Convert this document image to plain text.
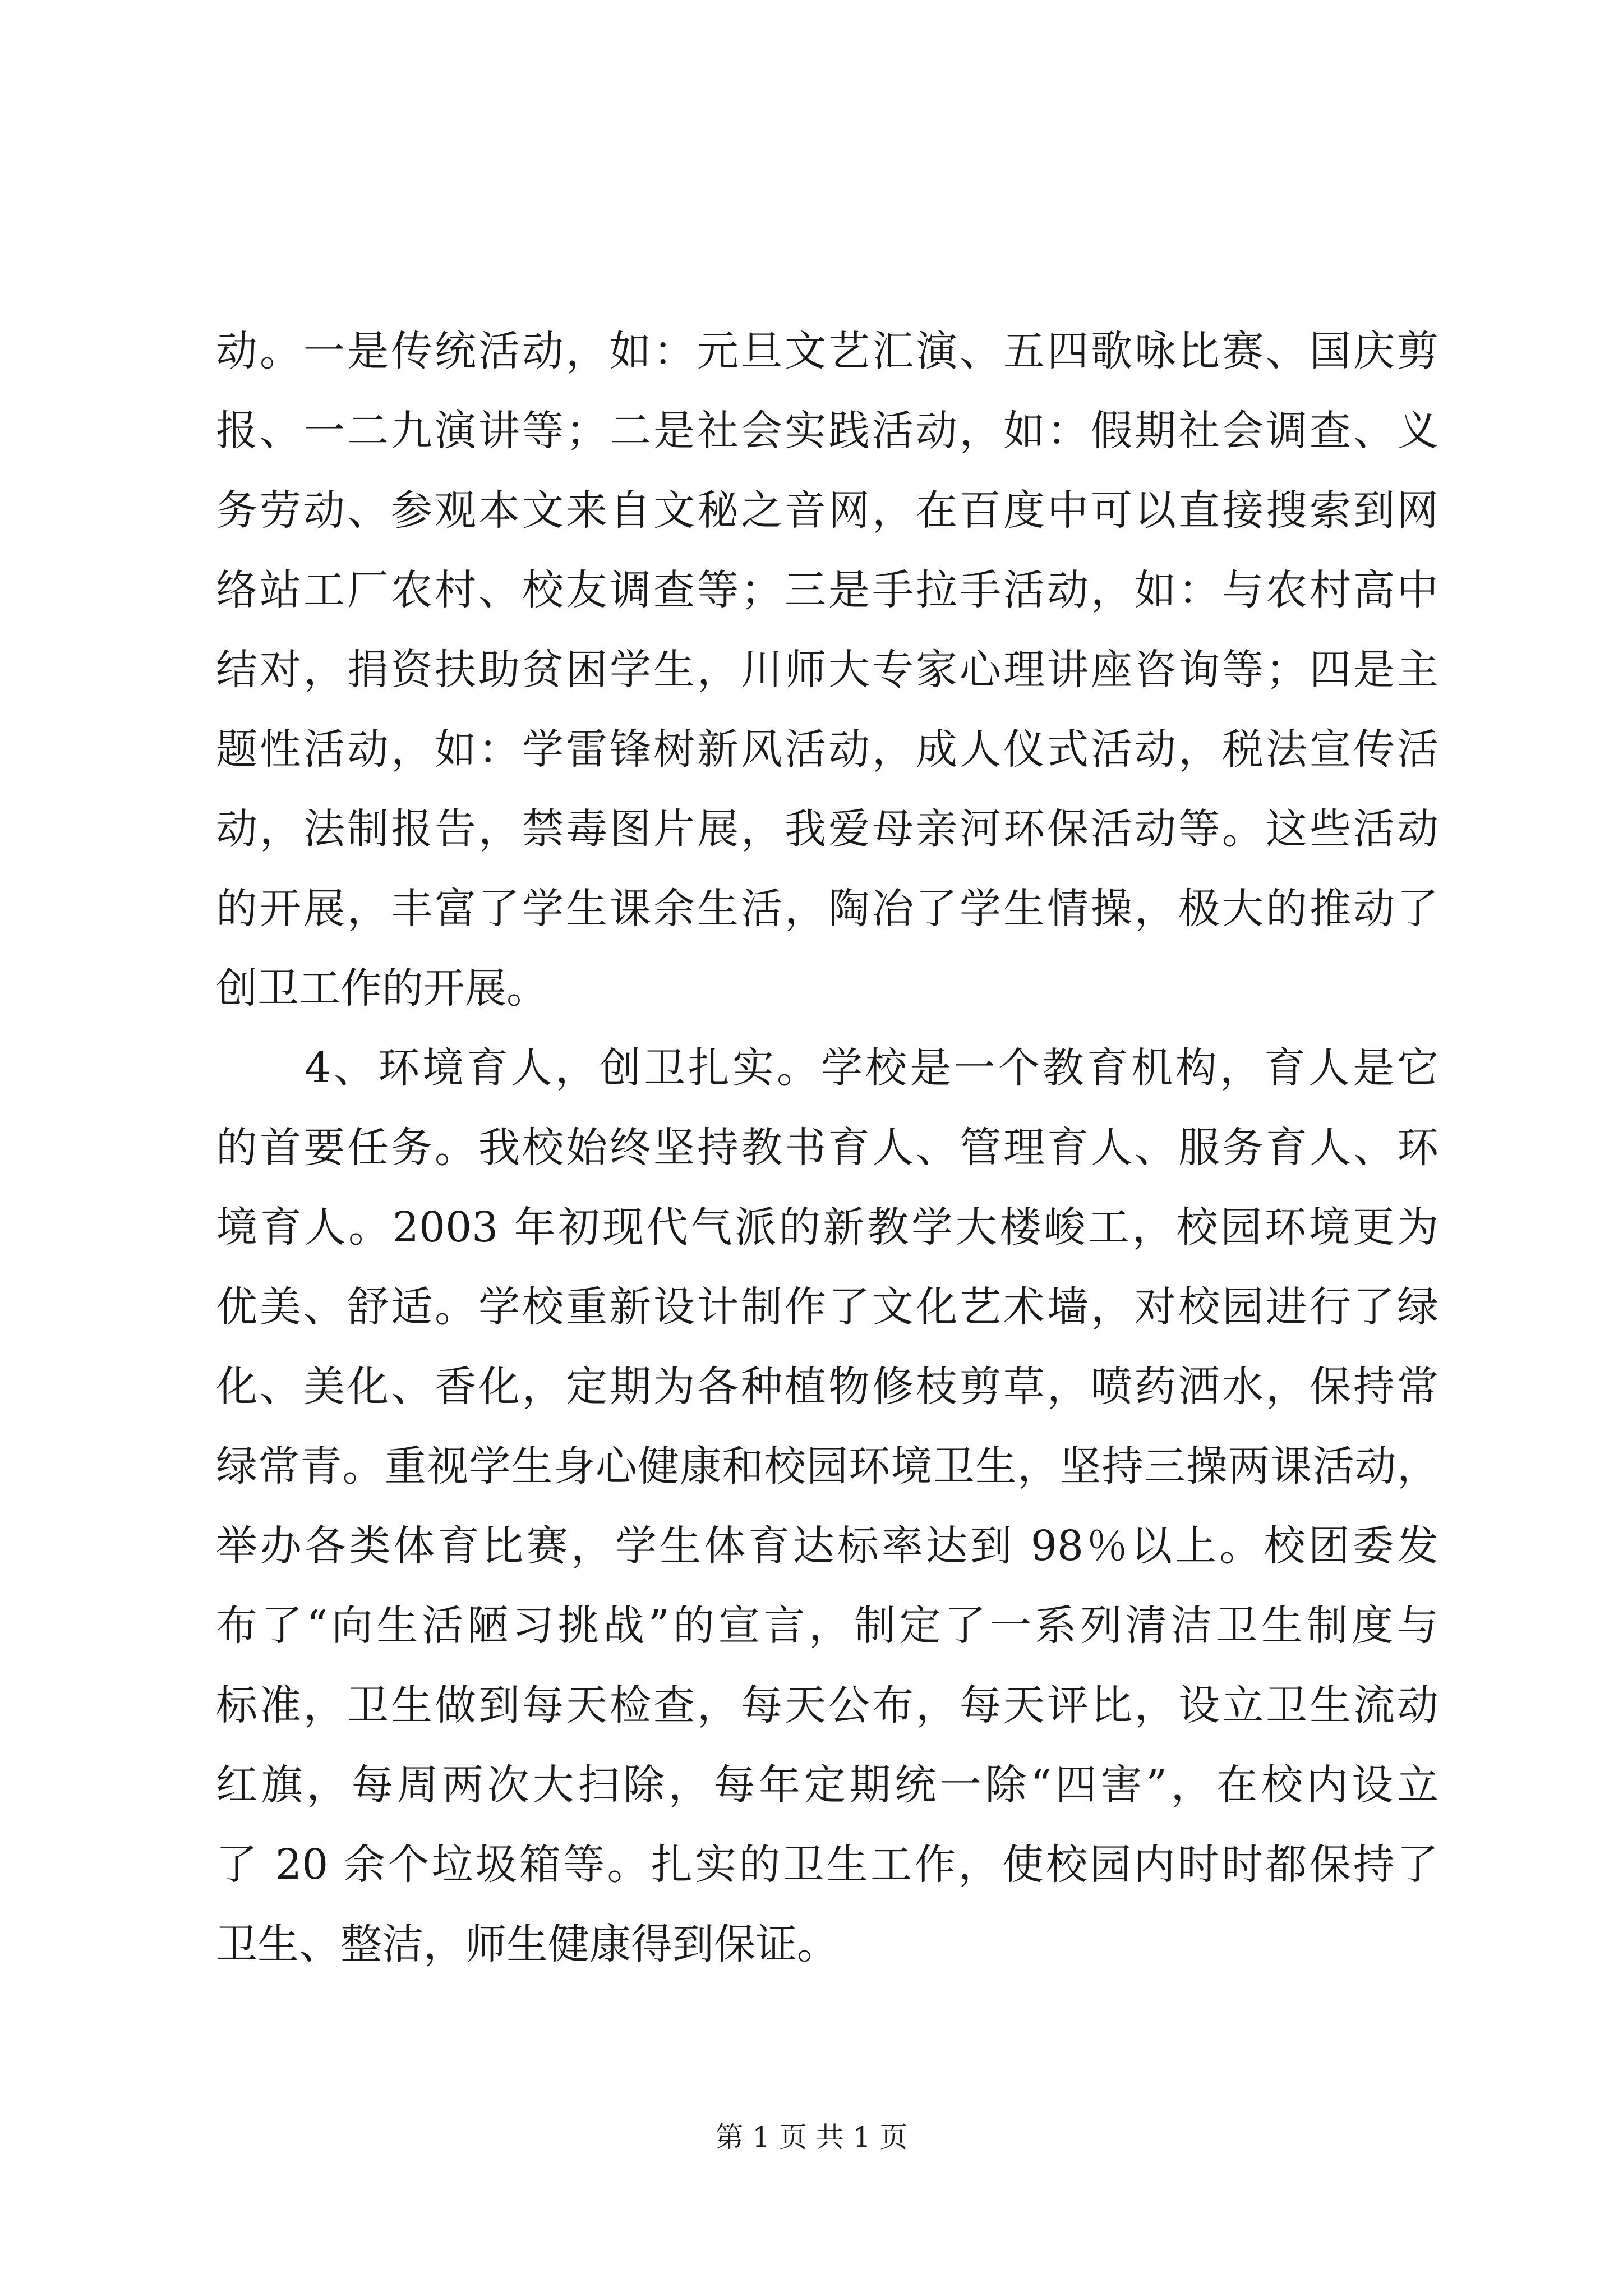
动。一是传统活动，如：元旦文艺汇演、五四歌咏比赛、国庆剪
报、一二九演讲等；二是社会实践活动，如：假期社会调查、义
务劳动、参观本文来自文秘之音网，在百度中可以直接搜索到网
络站工厂农村、校友调查等；三是手拉手活动，如：与农村高中
结对，捐资扶助贫困学生，川师大专家心理讲座咨询等；四是主
题性活动，如：学雷锋树新风活动，成人仪式活动，税法宣传活
动，法制报告，禁毒图片展，我爱母亲河环保活动等。这些活动
的开展，丰富了学生课余生活，陶冶了学生情操，极大的推动了
创卫工作的开展。
　　4、环境育人，创卫扎实。学校是一个教育机构，育人是它
的首要任务。我校始终坚持教书育人、管理育人、服务育人、环
境育人。2003 年初现代气派的新教学大楼峻工，校园环境更为
优美、舒适。学校重新设计制作了文化艺术墙，对校园进行了绿
化、美化、香化，定期为各种植物修枝剪草，喷药洒水，保持常
绿常青。重视学生身心健康和校园环境卫生，坚持三操两课活动，
举办各类体育比赛，学生体育达标率达到 98％以上。校团委发
布了“向生活陋习挑战”的宣言，制定了一系列清洁卫生制度与
标准，卫生做到每天检查，每天公布，每天评比，设立卫生流动
红旗，每周两次大扫除，每年定期统一除“四害”，在校内设立
了 20 余个垃圾箱等。扎实的卫生工作，使校园内时时都保持了
卫生、整洁，师生健康得到保证。
第 1 页 共 1 页
